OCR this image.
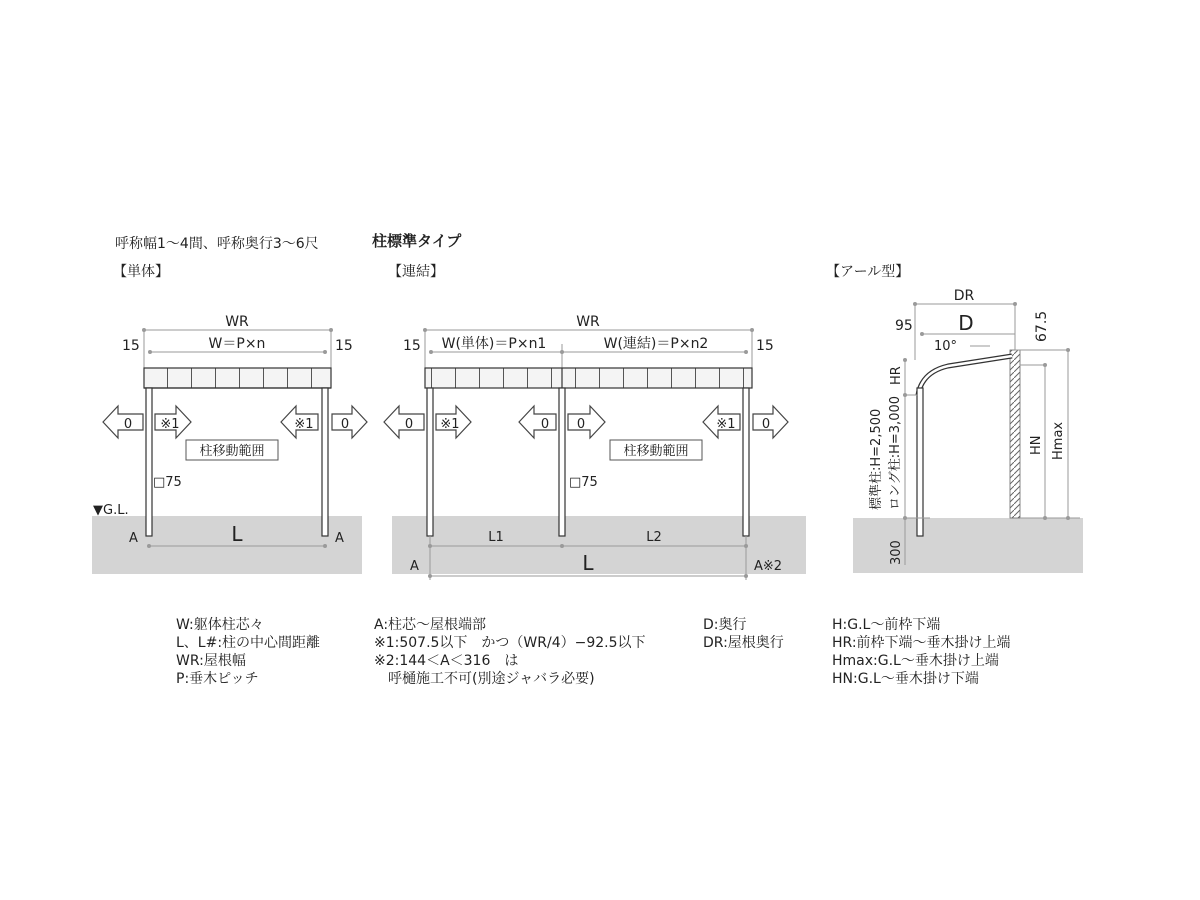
呼称幅1～4間、呼称奥行3～6尺	柱標準タイプ
【単体】	【連結】	【アール型】
WR
15	15
W＝P×n
0 ※1	※1 0
柱移動範囲
□75
▼G.L.
A	A
L
WR
15	15
W(単体)＝P×n1	W(連結)＝P×n2
0 ※1	0 0	※1 0
柱移動範囲
□75
L1	L2
A	A※2
L
DR
D
95
10°
67.5
HR
標準柱:H=2,500 ロング柱:H=3,000	HN Hmax
300
W:躯体柱芯々
L、L#:柱の中心間距離
WR:屋根幅
P:垂木ピッチ
A:柱芯～屋根端部
※1:507.5以下　かつ（WR/4）−92.5以下
※2:144＜A＜316　は
　呼樋施工不可(別途ジャバラ必要)
D:奥行
DR:屋根奥行
H:G.L～前枠下端
HR:前枠下端～垂木掛け上端
Hmax:G.L～垂木掛け上端
HN:G.L～垂木掛け下端
